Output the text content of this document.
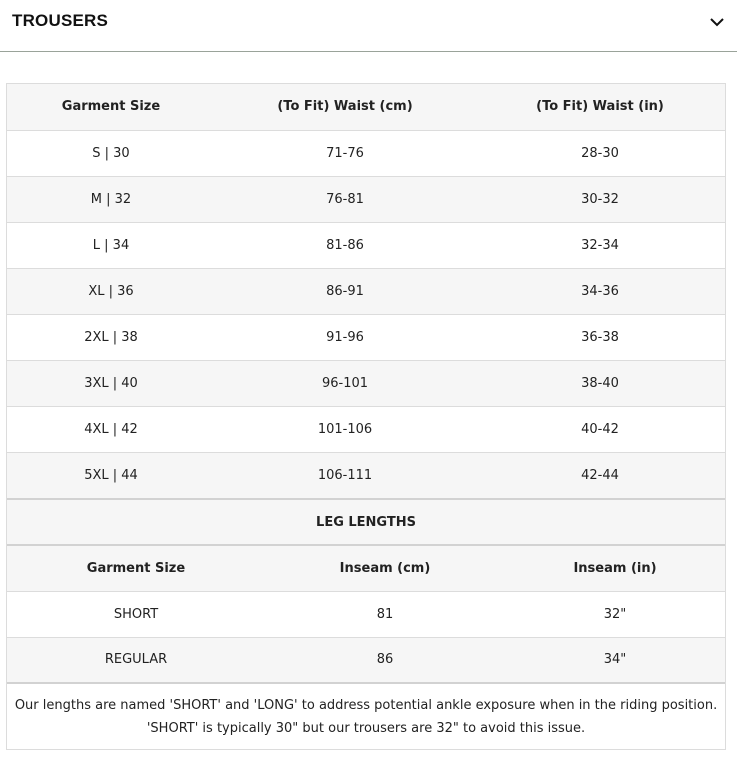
TROUSERS
Garment Size	(To Fit) Waist (cm)	(To Fit) Waist (in)
S | 30	71-76	28-30
M | 32	76-81	30-32
L | 34	81-86	32-34
XL | 36	86-91	34-36
2XL | 38	91-96	36-38
3XL | 40	96-101	38-40
4XL | 42	101-106	40-42
5XL | 44	106-111	42-44
LEG LENGTHS		
Garment Size	Inseam (cm)	Inseam (in)
SHORT	81	32"
REGULAR	86	34"

Our lengths are named 'SHORT' and 'LONG' to address potential ankle exposure when in the riding position.
'SHORT' is typically 30" but our trousers are 32" to avoid this issue.		
